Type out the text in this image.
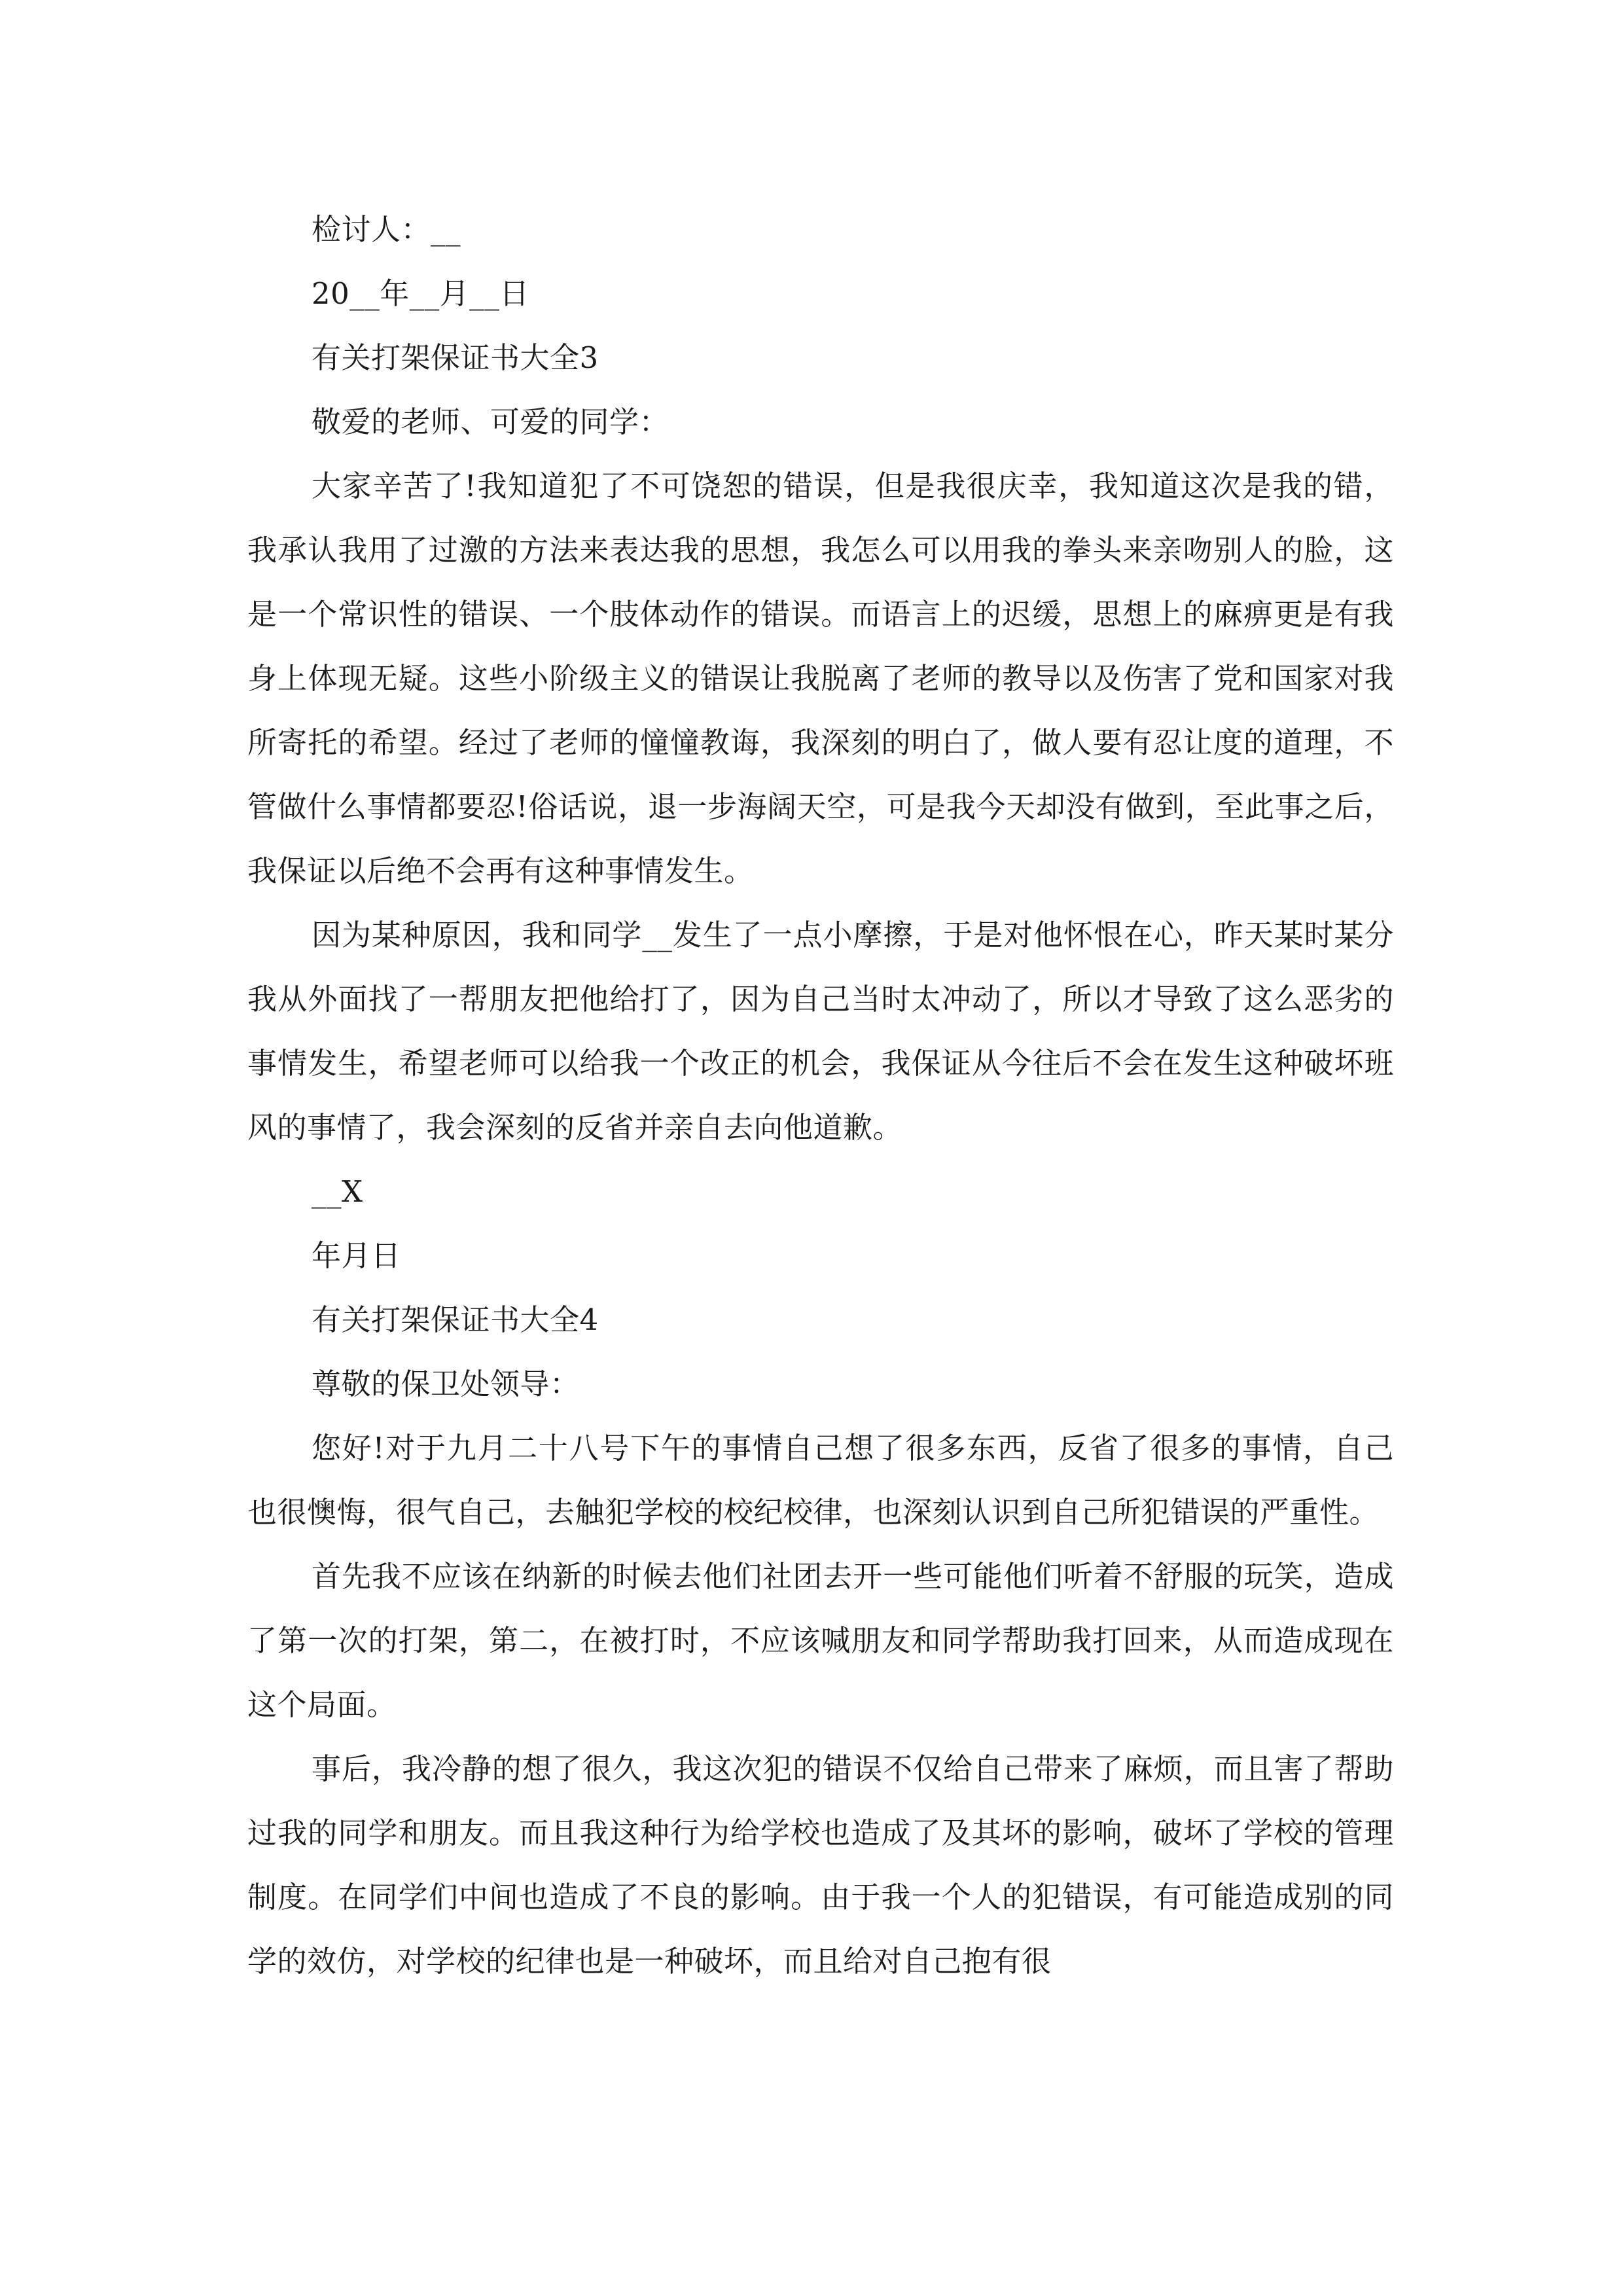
检讨人：__

20__年__月__日

有关打架保证书大全3

敬爱的老师、可爱的同学：

大家辛苦了!我知道犯了不可饶恕的错误，但是我很庆幸，我知道这次是我的错，我承认我用了过激的方法来表达我的思想，我怎么可以用我的拳头来亲吻别人的脸，这是一个常识性的错误、一个肢体动作的错误。而语言上的迟缓，思想上的麻痹更是有我身上体现无疑。这些小阶级主义的错误让我脱离了老师的教导以及伤害了党和国家对我所寄托的希望。经过了老师的憧憧教诲，我深刻的明白了，做人要有忍让度的道理，不管做什么事情都要忍!俗话说，退一步海阔天空，可是我今天却没有做到，至此事之后，我保证以后绝不会再有这种事情发生。

因为某种原因，我和同学__发生了一点小摩擦，于是对他怀恨在心，昨天某时某分我从外面找了一帮朋友把他给打了，因为自己当时太冲动了，所以才导致了这么恶劣的事情发生，希望老师可以给我一个改正的机会，我保证从今往后不会在发生这种破坏班风的事情了，我会深刻的反省并亲自去向他道歉。

__X

年月日

有关打架保证书大全4

尊敬的保卫处领导：

您好!对于九月二十八号下午的事情自己想了很多东西，反省了很多的事情，自己也很懊悔，很气自己，去触犯学校的校纪校律，也深刻认识到自己所犯错误的严重性。

首先我不应该在纳新的时候去他们社团去开一些可能他们听着不舒服的玩笑，造成了第一次的打架，第二，在被打时，不应该喊朋友和同学帮助我打回来，从而造成现在这个局面。

事后，我冷静的想了很久，我这次犯的错误不仅给自己带来了麻烦，而且害了帮助过我的同学和朋友。而且我这种行为给学校也造成了及其坏的影响，破坏了学校的管理制度。在同学们中间也造成了不良的影响。由于我一个人的犯错误，有可能造成别的同学的效仿，对学校的纪律也是一种破坏，而且给对自己抱有很
